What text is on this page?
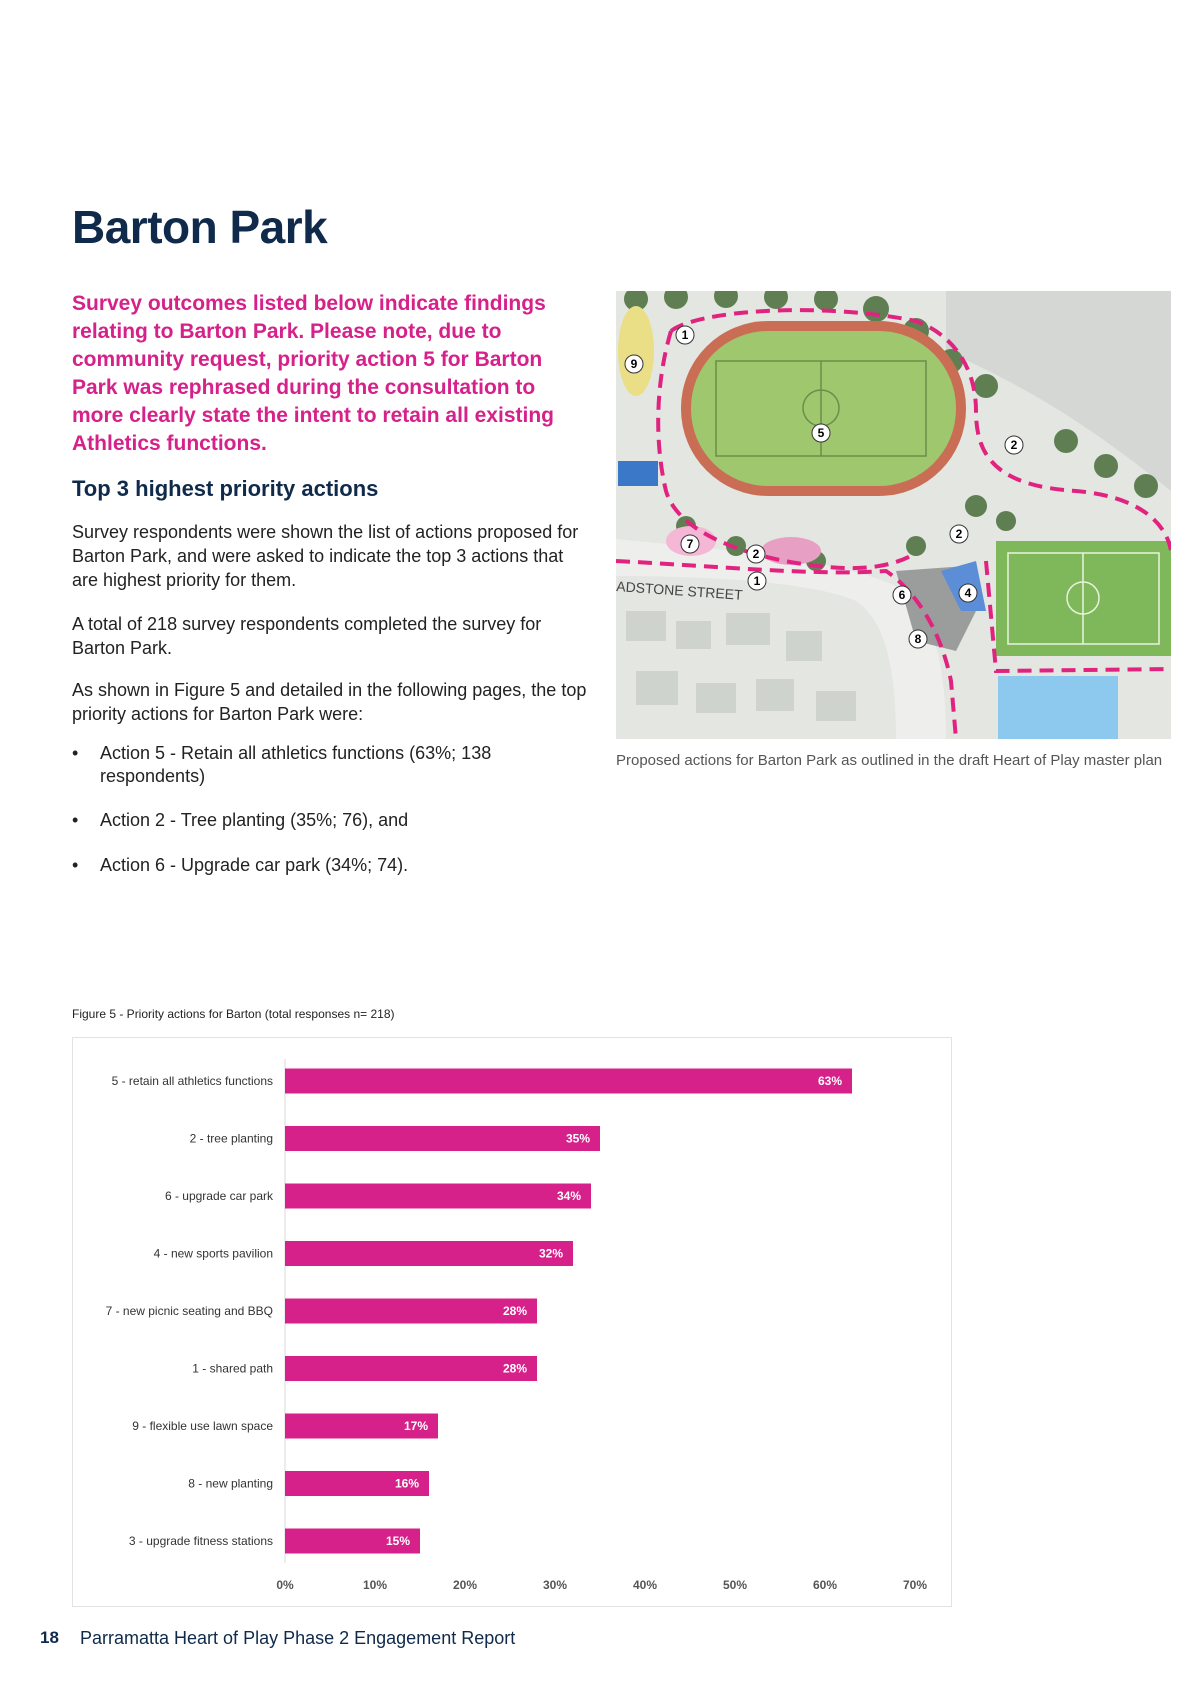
Barton Park

Survey outcomes listed below indicate findings relating to Barton Park. Please note, due to community request, priority action 5 for Barton Park was rephrased during the consultation to more clearly state the intent to retain all existing Athletics functions.

Top 3 highest priority actions

Survey respondents were shown the list of actions proposed for Barton Park, and were asked to indicate the top 3 actions that are highest priority for them.

A total of 218 survey respondents completed the survey for Barton Park.

As shown in Figure 5 and detailed in the following pages, the top priority actions for Barton Park were:

• Action 5 - Retain all athletics functions (63%; 138 respondents)
• Action 2 - Tree planting (35%; 76), and
• Action 6 - Upgrade car park (34%; 74).
ADSTONE STREET
1
9
5
2
2
7
2
1
6	4
8

Proposed actions for Barton Park as outlined in the draft Heart of Play master plan

Figure 5 - Priority actions for Barton (total responses n= 218)

5 - retain all athletics functions	63%
2 - tree planting	35%
6 - upgrade car park	34%
4 - new sports pavilion	32%
7 - new picnic seating and BBQ	28%
1 - shared path	28%
9 - flexible use lawn space	17%
8 - new planting	16%
3 - upgrade fitness stations	15%
0%	10%	20%	30%	40%	50%	60%	70%
18 Parramatta Heart of Play Phase 2 Engagement Report
